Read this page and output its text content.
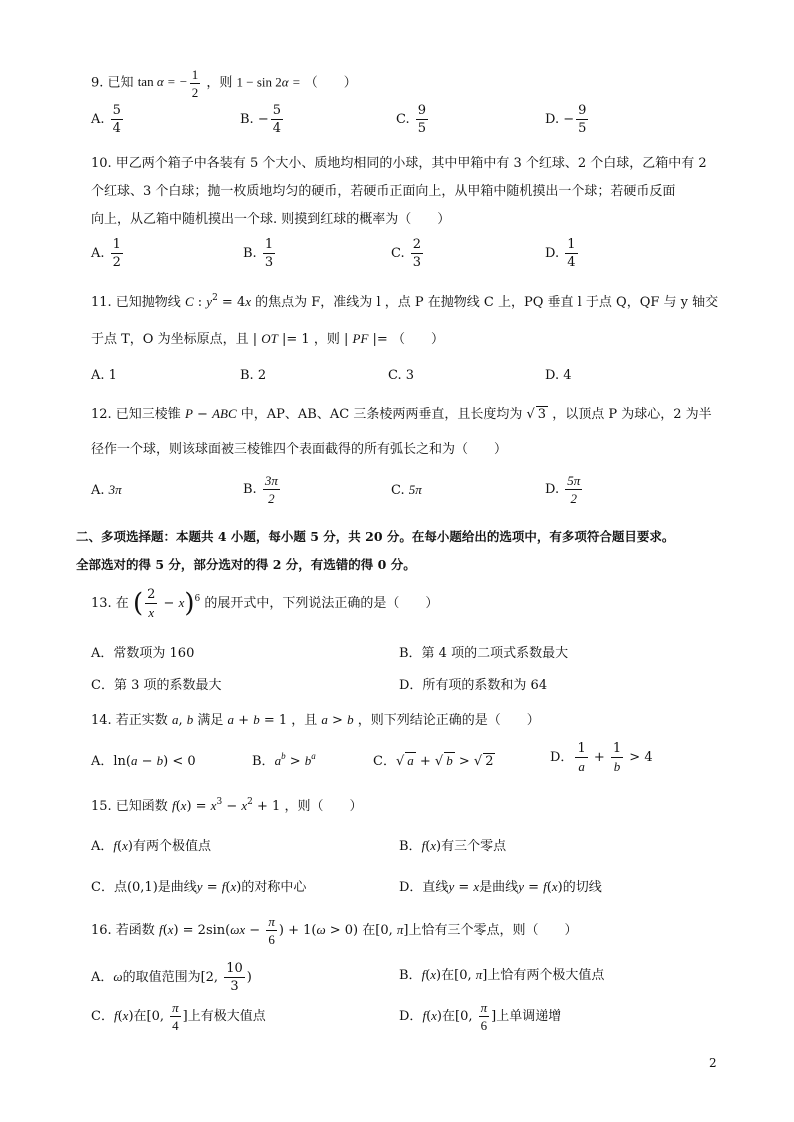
9. 已知 tan α = − $\frac{1}{2}$ ，则 1 − sin 2α = （　　）
A. $\frac{5}{4}$	B. − $\frac{5}{4}$	C. $\frac{9}{5}$	D. − $\frac{9}{5}$
10. 甲乙两个箱子中各装有 5 个大小、质地均相同的小球，其中甲箱中有 3 个红球、2 个白球，乙箱中有 2
个红球、3 个白球；抛一枚质地均匀的硬币，若硬币正面向上，从甲箱中随机摸出一个球；若硬币反面
向上，从乙箱中随机摸出一个球. 则摸到红球的概率为（　　）
A. $\frac{1}{2}$	B. $\frac{1}{3}$	C. $\frac{2}{3}$	D. $\frac{1}{4}$
11. 已知抛物线 C : $y^2 = 4x$ 的焦点为 F，准线为 l ，点 P 在抛物线 C 上，PQ 垂直 l 于点 Q，QF 与 y 轴交
于点 T，O 为坐标原点，且 | OT |= 1 ，则 | PF |= （　　）
A. 1	B. 2	C. 3	D. 4
12. 已知三棱锥 P − ABC 中，AP、AB、AC 三条棱两两垂直，且长度均为 √ 3 ，以顶点 P 为球心，2 为半
径作一个球，则该球面被三棱锥四个表面截得的所有弧长之和为（　　）
A. 3π	B. $\frac{3\pi}{2}$	C. 5π	D. $\frac{5\pi}{2}$
二、多项选择题：本题共 4 小题，每小题 5 分，共 20 分。在每小题给出的选项中，有多项符合题目要求。
全部选对的得 5 分，部分选对的得 2 分，有选错的得 0 分。
13. 在 ( $\frac{2}{x} - x)^6$ 的展开式中，下列说法正确的是（　　）
A．常数项为 160	B．第 4 项的二项式系数最大
C．第 3 项的系数最大	D．所有项的系数和为 64
14. 若正实数 a, b 满足 a + b = 1 ，且 a > b ，则下列结论正确的是（　　）
A．ln(a − b) < 0	B．$a^b > b^a$	C．√ a + √ b > √ 2	D． $\frac{1}{a} + \frac{1}{b} > 4$
15. 已知函数 $f(x) = x^3 - x^2 + 1$ ，则（　　）
A．f(x)有两个极值点	B．f(x)有三个零点
C．点(0,1)是曲线y = f(x)的对称中心	D．直线y = x是曲线y = f(x)的切线
16. 若函数 $f(x) = 2\sin(\omega x - \frac{\pi}{6}$ ) + 1(ω > 0) 在[0, π]上恰有三个零点，则（　　）
A．ω的取值范围为[2, $\frac{10}{3}$ )	B．f(x)在[0, π]上恰有两个极大值点
C．f(x)在[0, $\frac{\pi}{4}$ ]上有极大值点	D．f(x)在[0, $\frac{\pi}{6}$ ]上单调递增
2
